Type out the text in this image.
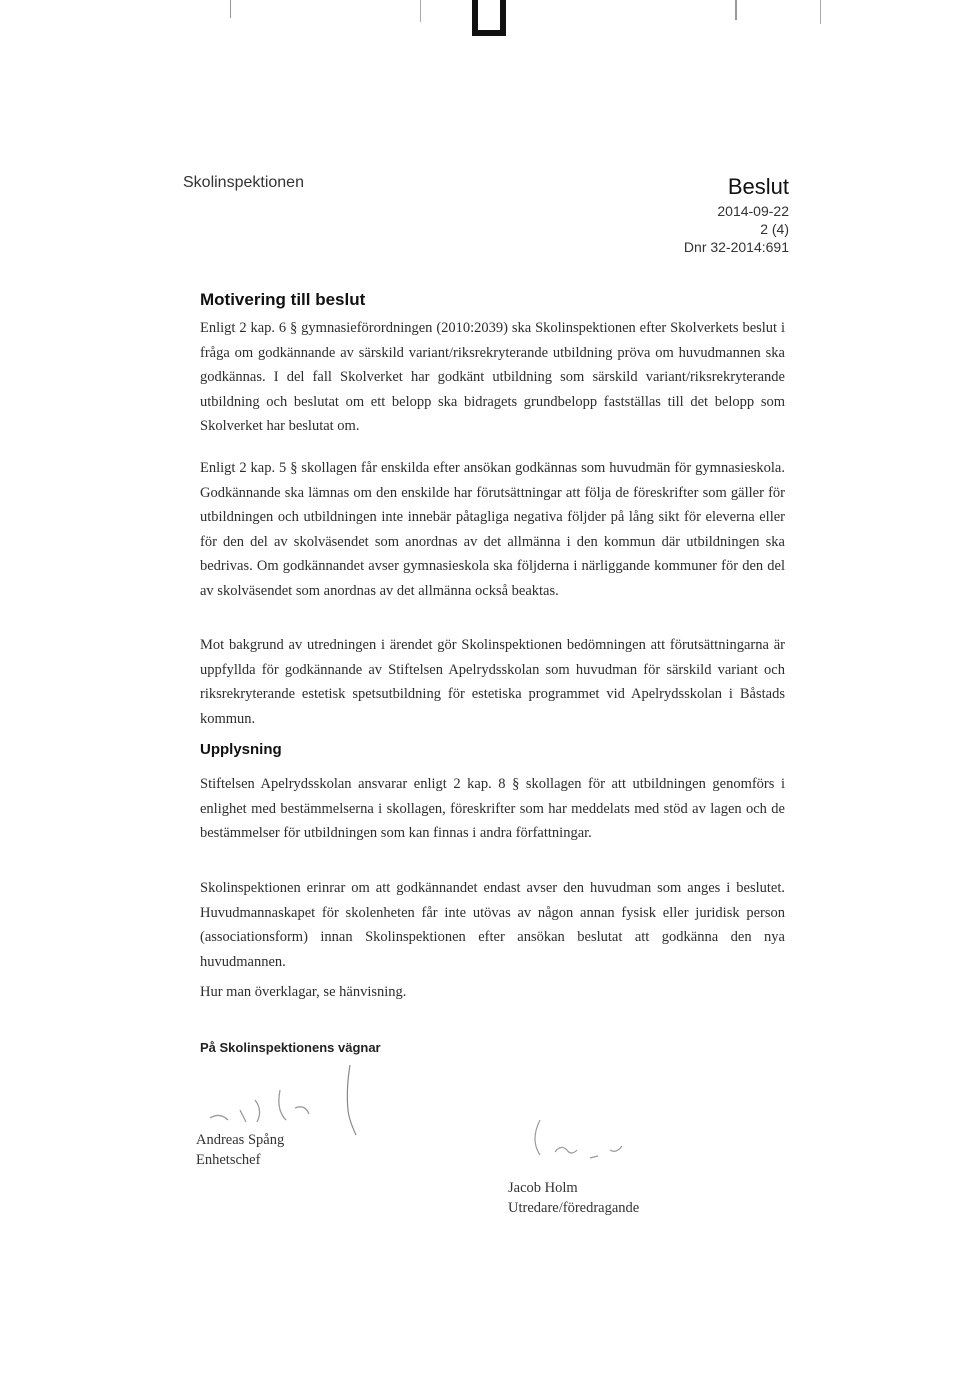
Skolinspektionen	Beslut
2014-09-22
2 (4)
Dnr 32-2014:691
Motivering till beslut

Enligt 2 kap. 6 § gymnasieförordningen (2010:2039) ska Skolinspektionen efter Skolverkets beslut i fråga om godkännande av särskild variant/riksrekryterande utbildning pröva om huvudmannen ska godkännas. I del fall Skolverket har godkänt utbildning som särskild variant/riksrekryterande utbildning och beslutat om ett belopp ska bidragets grundbelopp fastställas till det belopp som Skolverket har beslutat om.

Enligt 2 kap. 5 § skollagen får enskilda efter ansökan godkännas som huvudmän för gymnasieskola. Godkännande ska lämnas om den enskilde har förutsättningar att följa de föreskrifter som gäller för utbildningen och utbildningen inte innebär påtagliga negativa följder på lång sikt för eleverna eller för den del av skolväsendet som anordnas av det allmänna i den kommun där utbildningen ska bedrivas. Om godkännandet avser gymnasieskola ska följderna i närliggande kommuner för den del av skolväsendet som anordnas av det allmänna också beaktas.

Mot bakgrund av utredningen i ärendet gör Skolinspektionen bedömningen att förutsättningarna är uppfyllda för godkännande av Stiftelsen Apelrydsskolan som huvudman för särskild variant och riksrekryterande estetisk spetsutbildning för estetiska programmet vid Apelrydsskolan i Båstads kommun.

Upplysning

Stiftelsen Apelrydsskolan ansvarar enligt 2 kap. 8 § skollagen för att utbildningen genomförs i enlighet med bestämmelserna i skollagen, föreskrifter som har meddelats med stöd av lagen och de bestämmelser för utbildningen som kan finnas i andra författningar.

Skolinspektionen erinrar om att godkännandet endast avser den huvudman som anges i beslutet. Huvudmannaskapet för skolenheten får inte utövas av någon annan fysisk eller juridisk person (associationsform) innan Skolinspektionen efter ansökan beslutat att godkänna den nya huvudmannen.

Hur man överklagar, se hänvisning.

På Skolinspektionens vägnar
Andreas Spång
Enhetschef
Jacob Holm
Utredare/föredragande
